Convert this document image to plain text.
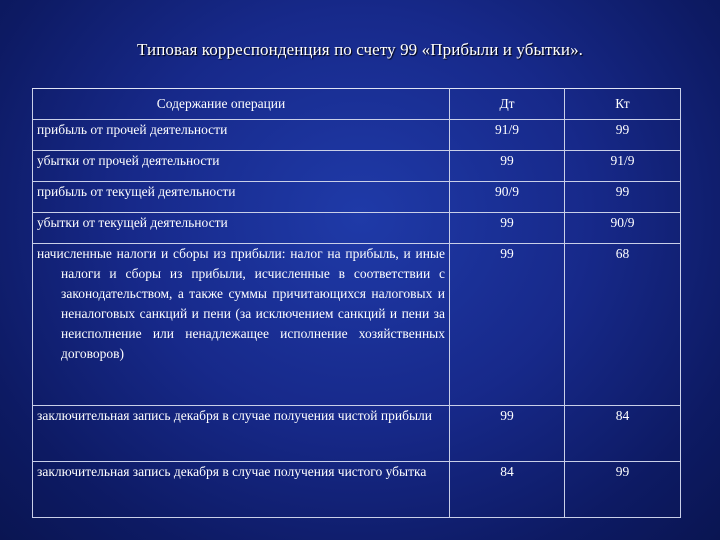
Типовая корреспонденция по счету 99 «Прибыли и убытки».
Содержание операции	Дт	Кт

прибыль от прочей деятельности	91/9	99

убытки от прочей деятельности	99	91/9

прибыль от текущей деятельности	90/9	99

убытки от текущей деятельности	99	90/9

начисленные налоги и сборы из прибыли: налог на прибыль, и иные налоги и сборы из прибыли, исчисленные в соответствии с законодательством, а также суммы причитающихся налоговых и неналоговых санкций и пени (за исключением санкций и пени за неисполнение или ненадлежащее исполнение хозяйственных договоров)	99	68

заключительная запись декабря в случае получения чистой прибыли	99	84

заключительная запись декабря в случае получения чистого убытка	84	99
